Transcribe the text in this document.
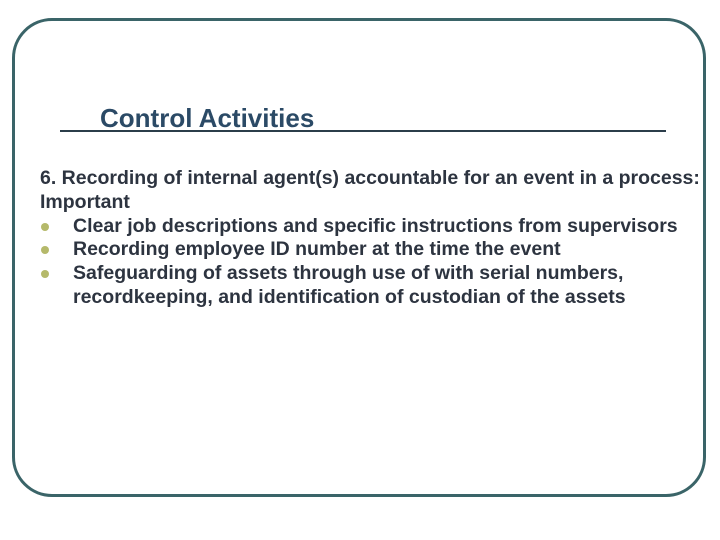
Control Activities

6. Recording of internal agent(s) accountable for an event in a process:

Important

Clear job descriptions and specific instructions from supervisors
Recording employee ID number at the time the event
Safeguarding of assets through use of with serial numbers, recordkeeping, and identification of custodian of the assets
